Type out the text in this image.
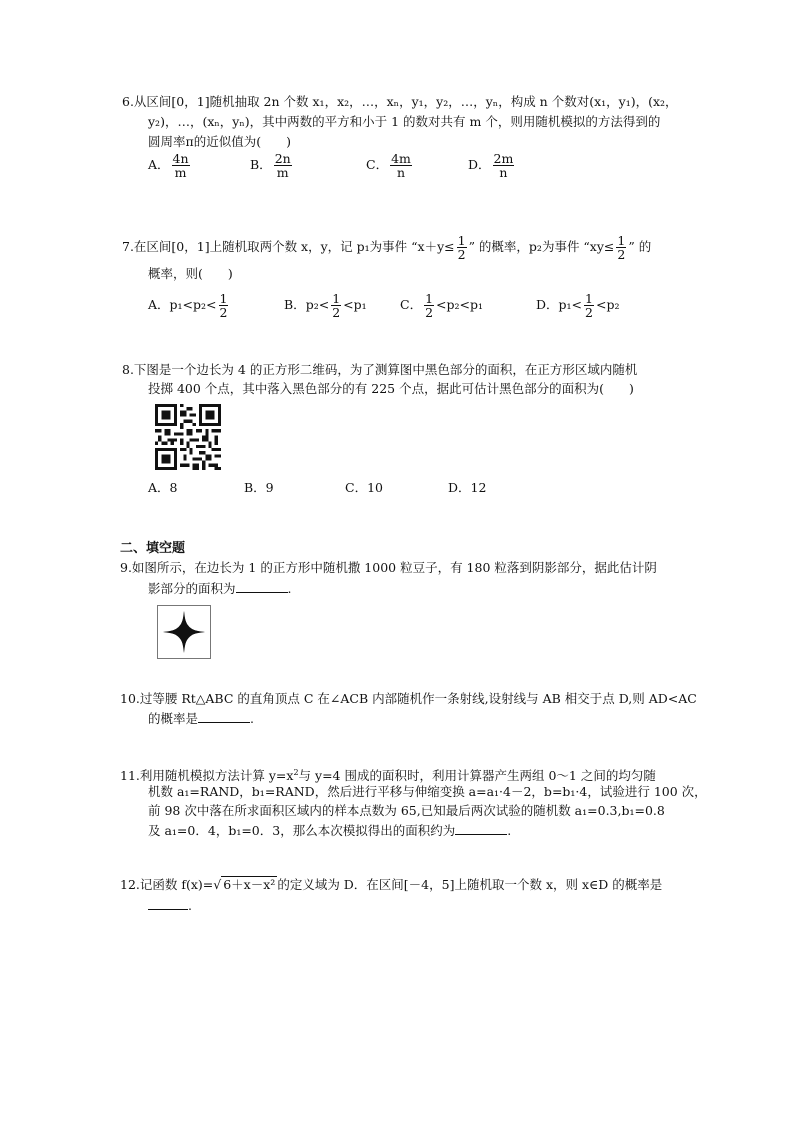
6.从区间[0，1]随机抽取 2n 个数 x₁，x₂，…，xₙ，y₁，y₂，…，yₙ，构成 n 个数对(x₁，y₁)，(x₂，
y₂)，…，(xₙ，yₙ)，其中两数的平方和小于 1 的数对共有 m 个，则用随机模拟的方法得到的
圆周率π的近似值为(　　)
A． $\frac{4n}{m}$	B． $\frac{2n}{m}$	C． $\frac{4m}{n}$	D． $\frac{2m}{n}$
7.在区间[0，1]上随机取两个数 x，y，记 p₁为事件 “$x+y\le \frac{1}{2}$ ” 的概率，p₂为事件 “$xy\le \frac{1}{2}$ ” 的
概率，则(　　)
A．$p_1<p_2< \frac{1}{2}$	B．$p_2< \frac{1}{2} <p_1$	C． $\frac{1}{2} <p_2<p_1$	D．$p_1< \frac{1}{2} <p_2$
8.下图是一个边长为 4 的正方形二维码，为了测算图中黑色部分的面积，在正方形区域内随机
投掷 400 个点，其中落入黑色部分的有 225 个点，据此可估计黑色部分的面积为(　　)
A．8	B．9	C．10	D．12
二、填空题
9.如图所示，在边长为 1 的正方形中随机撒 1000 粒豆子，有 180 粒落到阴影部分，据此估计阴
影部分的面积为	.
10.过等腰 Rt△ABC 的直角顶点 C 在∠ACB 内部随机作一条射线,设射线与 AB 相交于点 D,则 AD<AC
的概率是	.
11.利用随机模拟方法计算 $y=x^2$与 y=4 围成的面积时，利用计算器产生两组 0～1 之间的均匀随
机数 a₁=RAND，b₁=RAND，然后进行平移与伸缩变换 a=a₁·4－2，b=b₁·4，试验进行 100 次，
前 98 次中落在所求面积区域内的样本点数为 65,已知最后两次试验的随机数 a₁=0.3,b₁=0.8
及 a₁=0．4，b₁=0．3，那么本次模拟得出的面积约为	.
12.记函数 f(x)=√ 6＋x－x² 的定义域为 D．在区间[－4，5]上随机取一个数 x，则 x∈D 的概率是
.
